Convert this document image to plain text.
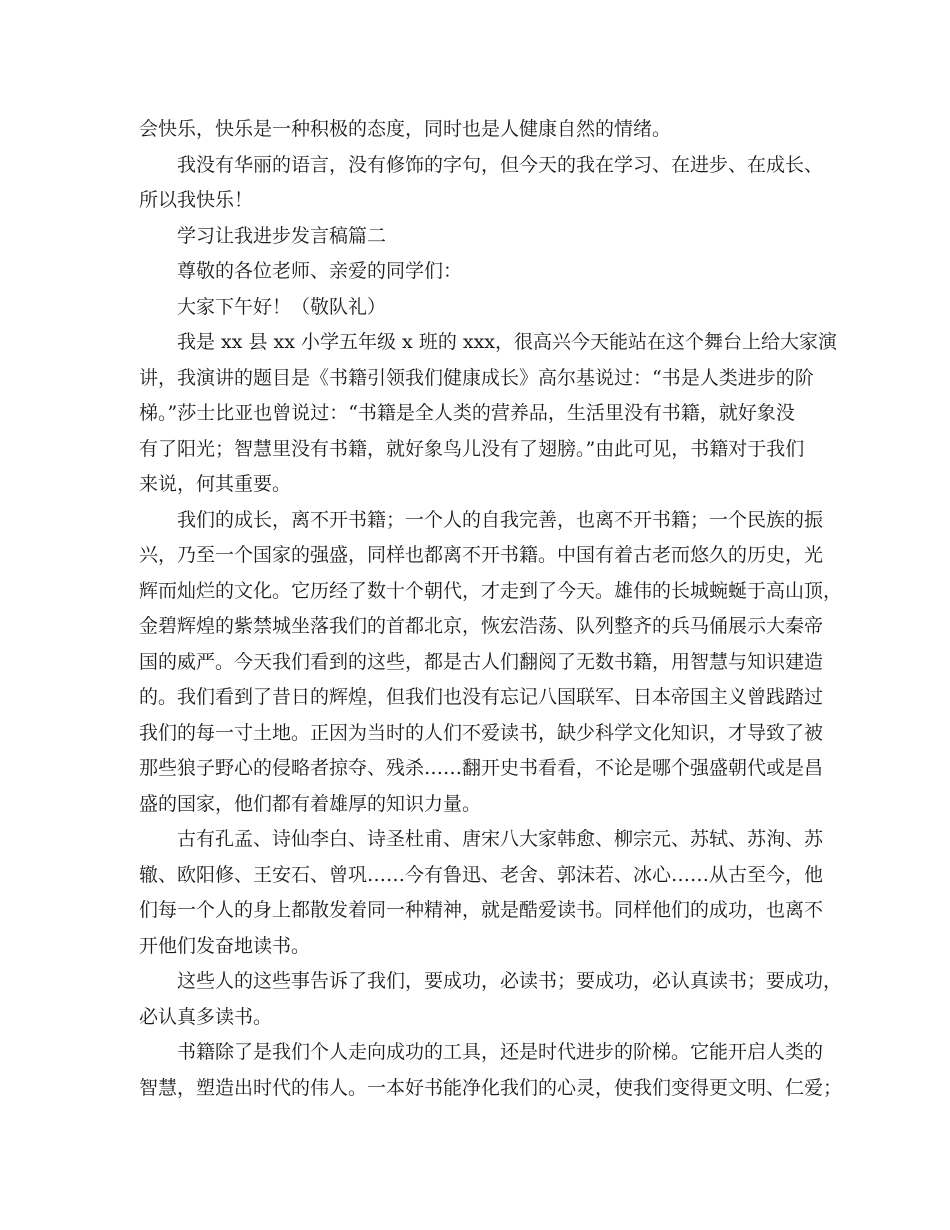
会快乐，快乐是一种积极的态度，同时也是人健康自然的情绪。

我没有华丽的语言，没有修饰的字句，但今天的我在学习、在进步、在成长、

所以我快乐！

学习让我进步发言稿篇二

尊敬的各位老师、亲爱的同学们：

大家下午好！（敬队礼）

我是 xx 县 xx 小学五年级 x 班的 xxx，很高兴今天能站在这个舞台上给大家演

讲，我演讲的题目是《书籍引领我们健康成长》高尔基说过：“书是人类进步的阶
梯。”莎士比亚也曾说过：“书籍是全人类的营养品，生活里没有书籍，就好象没
有了阳光；智慧里没有书籍，就好象鸟儿没有了翅膀。”由此可见，书籍对于我们
来说，何其重要。

我们的成长，离不开书籍；一个人的自我完善，也离不开书籍；一个民族的振

兴，乃至一个国家的强盛，同样也都离不开书籍。中国有着古老而悠久的历史，光
辉而灿烂的文化。它历经了数十个朝代，才走到了今天。雄伟的长城蜿蜒于高山顶，
金碧辉煌的紫禁城坐落我们的首都北京，恢宏浩荡、队列整齐的兵马俑展示大秦帝
国的威严。今天我们看到的这些，都是古人们翻阅了无数书籍，用智慧与知识建造
的。我们看到了昔日的辉煌，但我们也没有忘记八国联军、日本帝国主义曾践踏过
我们的每一寸土地。正因为当时的人们不爱读书，缺少科学文化知识，才导致了被
那些狼子野心的侵略者掠夺、残杀……翻开史书看看，不论是哪个强盛朝代或是昌
盛的国家，他们都有着雄厚的知识力量。

古有孔孟、诗仙李白、诗圣杜甫、唐宋八大家韩愈、柳宗元、苏轼、苏洵、苏

辙、欧阳修、王安石、曾巩……今有鲁迅、老舍、郭沫若、冰心……从古至今，他
们每一个人的身上都散发着同一种精神，就是酷爱读书。同样他们的成功，也离不
开他们发奋地读书。

这些人的这些事告诉了我们，要成功，必读书；要成功，必认真读书；要成功，

必认真多读书。

书籍除了是我们个人走向成功的工具，还是时代进步的阶梯。它能开启人类的

智慧，塑造出时代的伟人。一本好书能净化我们的心灵，使我们变得更文明、仁爱；
